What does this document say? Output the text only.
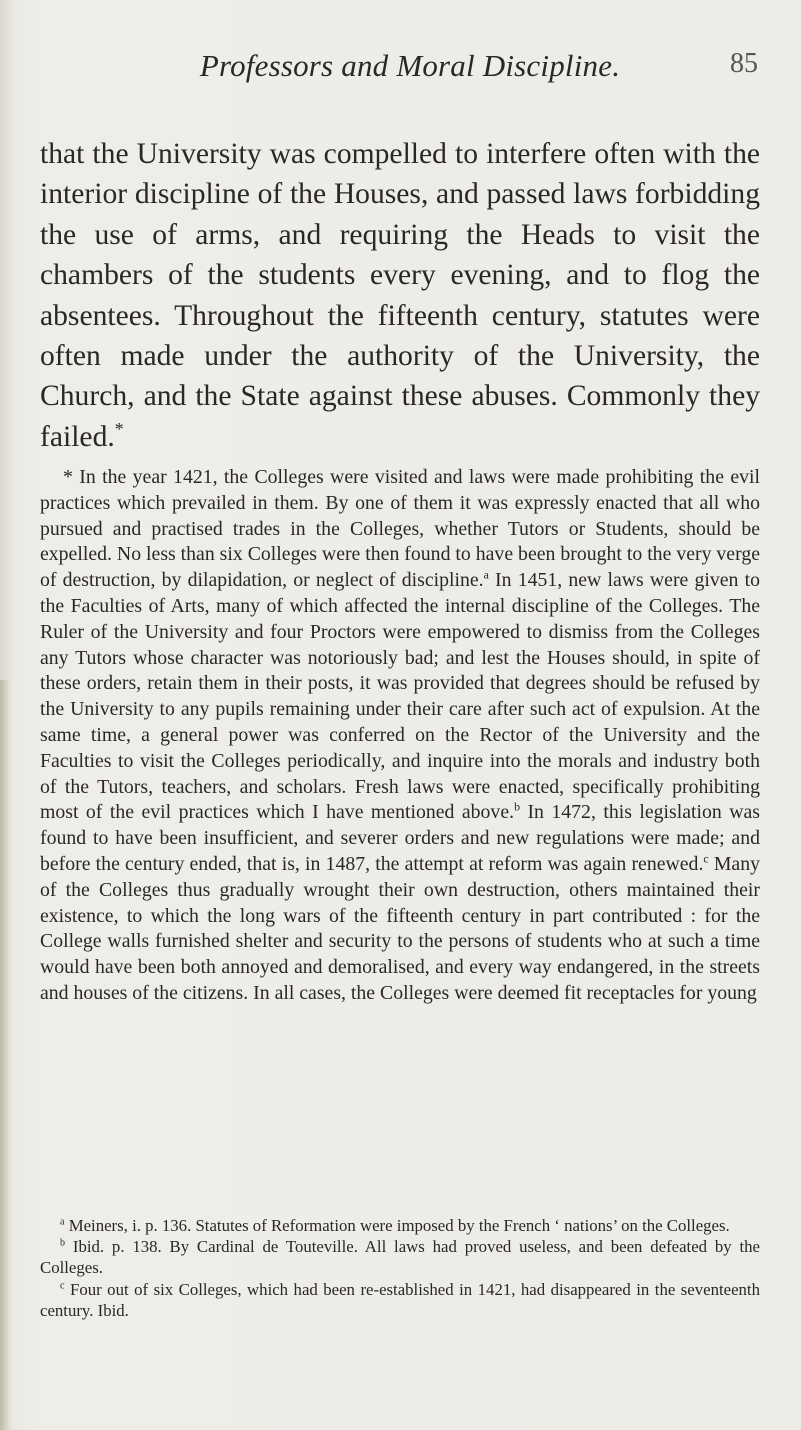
Professors and Moral Discipline.	85

that the University was compelled to interfere often with the interior discipline of the Houses, and passed laws forbidding the use of arms, and requiring the Heads to visit the chambers of the students every evening, and to flog the absentees. Throughout the fifteenth century, statutes were often made under the authority of the University, the Church, and the State against these abuses. Commonly they failed.*

* In the year 1421, the Colleges were visited and laws were made prohibiting the evil practices which prevailed in them. By one of them it was expressly enacted that all who pursued and practised trades in the Colleges, whether Tutors or Students, should be expelled. No less than six Colleges were then found to have been brought to the very verge of destruction, by dilapidation, or neglect of discipline.$^a$ In 1451, new laws were given to the Faculties of Arts, many of which affected the internal discipline of the Colleges. The Ruler of the University and four Proctors were empowered to dismiss from the Colleges any Tutors whose character was notoriously bad; and lest the Houses should, in spite of these orders, retain them in their posts, it was provided that degrees should be refused by the University to any pupils remaining under their care after such act of expulsion. At the same time, a general power was conferred on the Rector of the University and the Faculties to visit the Colleges periodically, and inquire into the morals and industry both of the Tutors, teachers, and scholars. Fresh laws were enacted, specifically prohibiting most of the evil practices which I have mentioned above.$^b$ In 1472, this legislation was found to have been insufficient, and severer orders and new regulations were made; and before the century ended, that is, in 1487, the attempt at reform was again renewed.$^c$ Many of the Colleges thus gradually wrought their own destruction, others maintained their existence, to which the long wars of the fifteenth century in part contributed : for the College walls furnished shelter and security to the persons of students who at such a time would have been both annoyed and demoralised, and every way endangered, in the streets and houses of the citizens. In all cases, the Colleges were deemed fit receptacles for young

$^a$ Meiners, i. p. 136. Statutes of Reformation were imposed by the French ‘ nations’ on the Colleges.

$^b$ Ibid. p. 138. By Cardinal de Touteville. All laws had proved useless, and been defeated by the Colleges.

$^c$ Four out of six Colleges, which had been re-established in 1421, had disappeared in the seventeenth century. Ibid.
